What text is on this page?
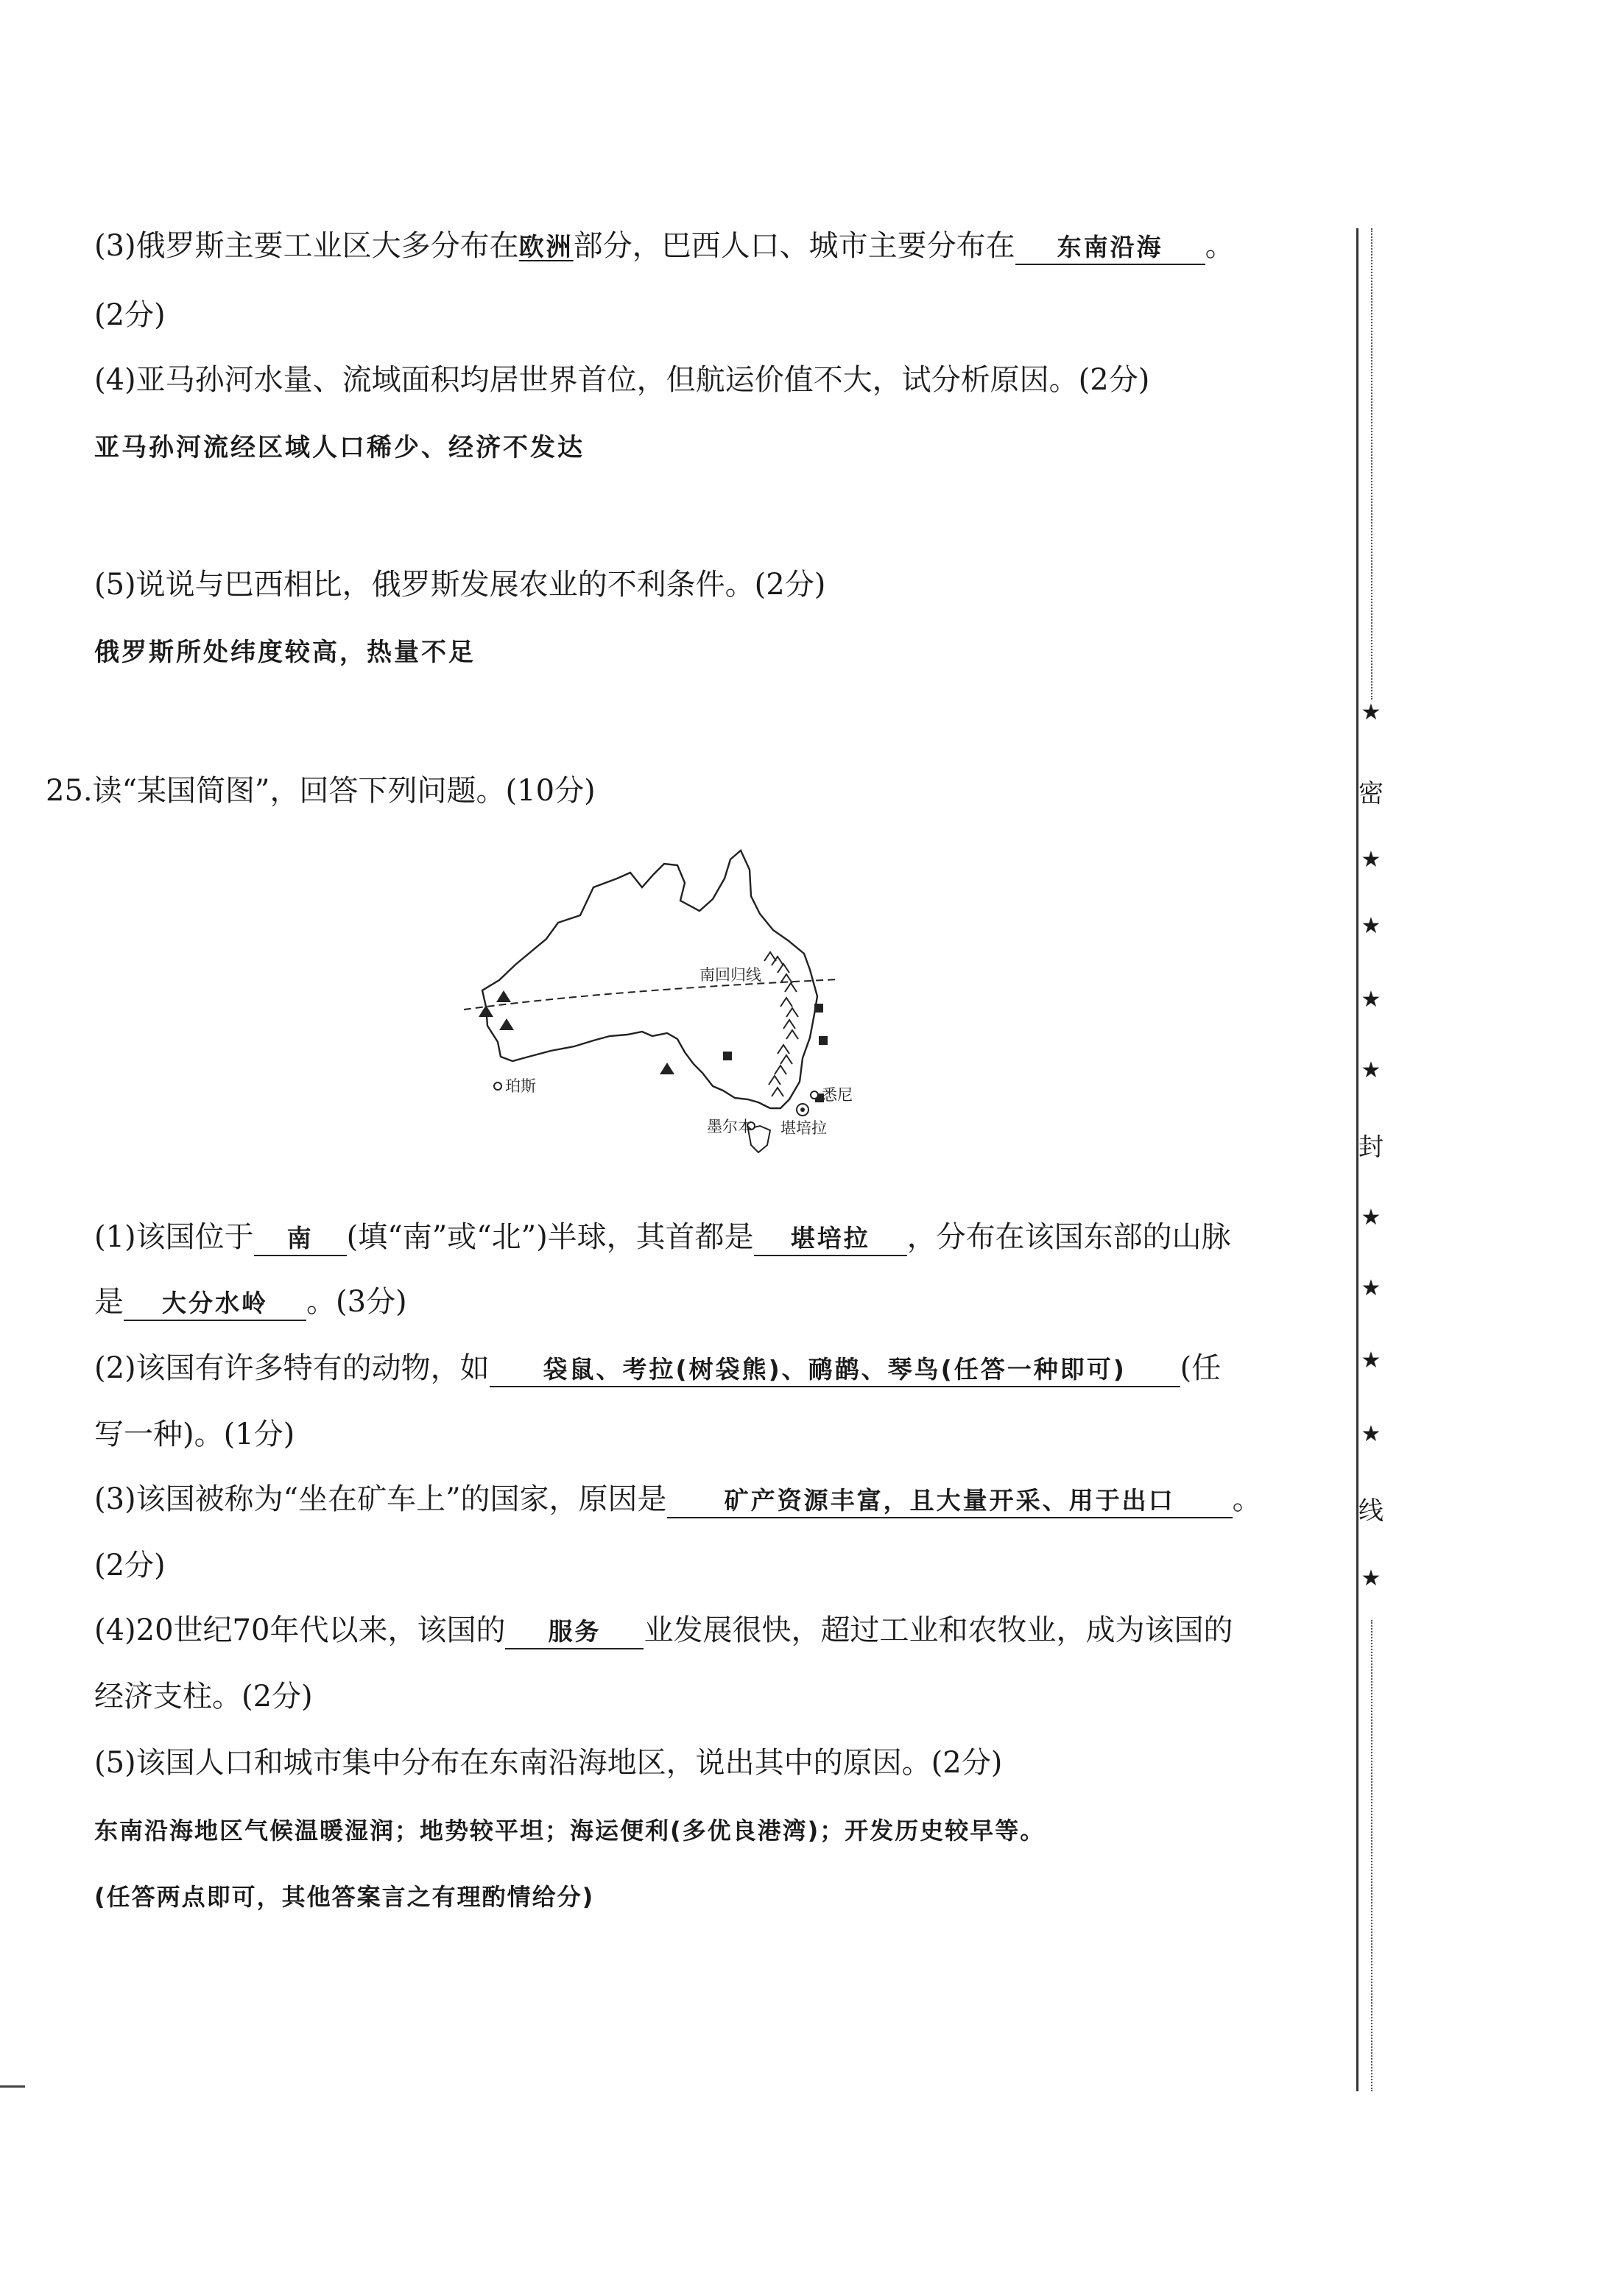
(3)俄罗斯主要工业区大多分布在欧洲部分，巴西人口、城市主要分布在 东南沿海 。
(2分)
(4)亚马孙河水量、流域面积均居世界首位，但航运价值不大，试分析原因。(2分)
亚马孙河流经区域人口稀少、经济不发达
(5)说说与巴西相比，俄罗斯发展农业的不利条件。(2分)
俄罗斯所处纬度较高，热量不足
25.读“某国简图”，回答下列问题。(10分)
南回归线
珀斯	悉尼
堪培拉
墨尔本
(1)该国位于 南 (填“南”或“北”)半球，其首都是 堪培拉 ，分布在该国东部的山脉
是 大分水岭 。(3分)
(2)该国有许多特有的动物，如 袋鼠、考拉(树袋熊)、鸸鹋、琴鸟(任答一种即可) (任
写一种)。(1分)
(3)该国被称为“坐在矿车上”的国家，原因是 矿产资源丰富，且大量开采、用于出口 。
(2分)
(4)20世纪70年代以来，该国的 服务 业发展很快，超过工业和农牧业，成为该国的
经济支柱。(2分)
(5)该国人口和城市集中分布在东南沿海地区，说出其中的原因。(2分)
东南沿海地区气候温暖湿润；地势较平坦；海运便利(多优良港湾)；开发历史较早等。
(任答两点即可，其他答案言之有理酌情给分)
★
密
★
★
★
★
封
★
★
★
★
线
★
